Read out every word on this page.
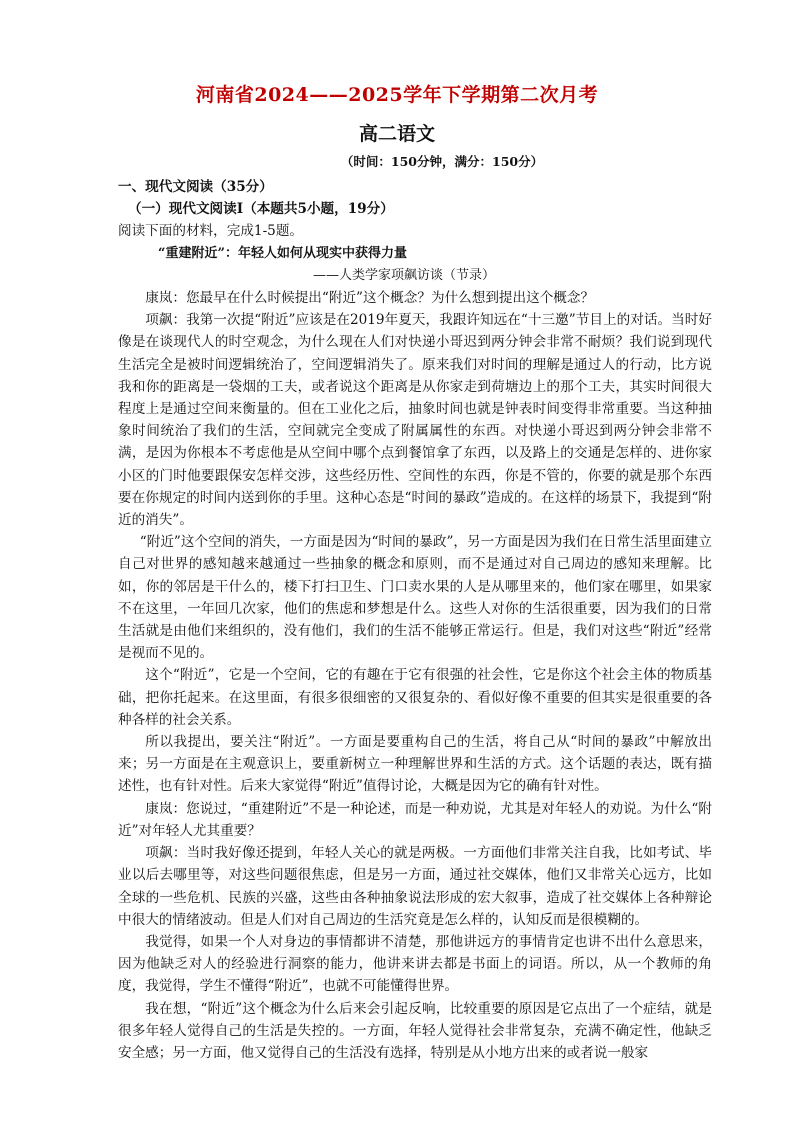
河南省2024——2025学年下学期第二次月考
高二语文
（时间：150分钟，满分：150分）
一、现代文阅读（35分）
（一）现代文阅读Ⅰ（本题共5小题，19分）
阅读下面的材料，完成1-5题。
“重建附近”：年轻人如何从现实中获得力量
——人类学家项飙访谈（节录）

康岚：您最早在什么时候提出“附近”这个概念？为什么想到提出这个概念？

项飙：我第一次提“附近”应该是在2019年夏天，我跟许知远在“十三邀”节目上的对话。当时好像是在谈现代人的时空观念，为什么现在人们对快递小哥迟到两分钟会非常不耐烦？我们说到现代生活完全是被时间逻辑统治了，空间逻辑消失了。原来我们对时间的理解是通过人的行动，比方说我和你的距离是一袋烟的工夫，或者说这个距离是从你家走到荷塘边上的那个工夫，其实时间很大程度上是通过空间来衡量的。但在工业化之后，抽象时间也就是钟表时间变得非常重要。当这种抽象时间统治了我们的生活，空间就完全变成了附属属性的东西。对快递小哥迟到两分钟会非常不满，是因为你根本不考虑他是从空间中哪个点到餐馆拿了东西，以及路上的交通是怎样的、进你家小区的门时他要跟保安怎样交涉，这些经历性、空间性的东西，你是不管的，你要的就是那个东西要在你规定的时间内送到你的手里。这种心态是“时间的暴政”造成的。在这样的场景下，我提到“附近的消失”。

“附近”这个空间的消失，一方面是因为“时间的暴政”，另一方面是因为我们在日常生活里面建立自己对世界的感知越来越通过一些抽象的概念和原则，而不是通过对自己周边的感知来理解。比如，你的邻居是干什么的，楼下打扫卫生、门口卖水果的人是从哪里来的，他们家在哪里，如果家不在这里，一年回几次家，他们的焦虑和梦想是什么。这些人对你的生活很重要，因为我们的日常生活就是由他们来组织的，没有他们，我们的生活不能够正常运行。但是，我们对这些“附近”经常是视而不见的。

这个“附近”，它是一个空间，它的有趣在于它有很强的社会性，它是你这个社会主体的物质基础，把你托起来。在这里面，有很多很细密的又很复杂的、看似好像不重要的但其实是很重要的各种各样的社会关系。

所以我提出，要关注“附近”。一方面是要重构自己的生活，将自己从“时间的暴政”中解放出来；另一方面是在主观意识上，要重新树立一种理解世界和生活的方式。这个话题的表达，既有描述性，也有针对性。后来大家觉得“附近”值得讨论，大概是因为它的确有针对性。

康岚：您说过，“重建附近”不是一种论述，而是一种劝说，尤其是对年轻人的劝说。为什么“附近”对年轻人尤其重要？

项飙：当时我好像还提到，年轻人关心的就是两极。一方面他们非常关注自我，比如考试、毕业以后去哪里等，对这些问题很焦虑，但是另一方面，通过社交媒体，他们又非常关心远方，比如全球的一些危机、民族的兴盛，这些由各种抽象说法形成的宏大叙事，造成了社交媒体上各种辩论中很大的情绪波动。但是人们对自己周边的生活究竟是怎么样的，认知反而是很模糊的。

我觉得，如果一个人对身边的事情都讲不清楚，那他讲远方的事情肯定也讲不出什么意思来，因为他缺乏对人的经验进行洞察的能力，他讲来讲去都是书面上的词语。所以，从一个教师的角度，我觉得，学生不懂得“附近”，也就不可能懂得世界。

我在想，“附近”这个概念为什么后来会引起反响，比较重要的原因是它点出了一个症结，就是很多年轻人觉得自己的生活是失控的。一方面，年轻人觉得社会非常复杂，充满不确定性，他缺乏安全感；另一方面，他又觉得自己的生活没有选择，特别是从小地方出来的或者说一般家
